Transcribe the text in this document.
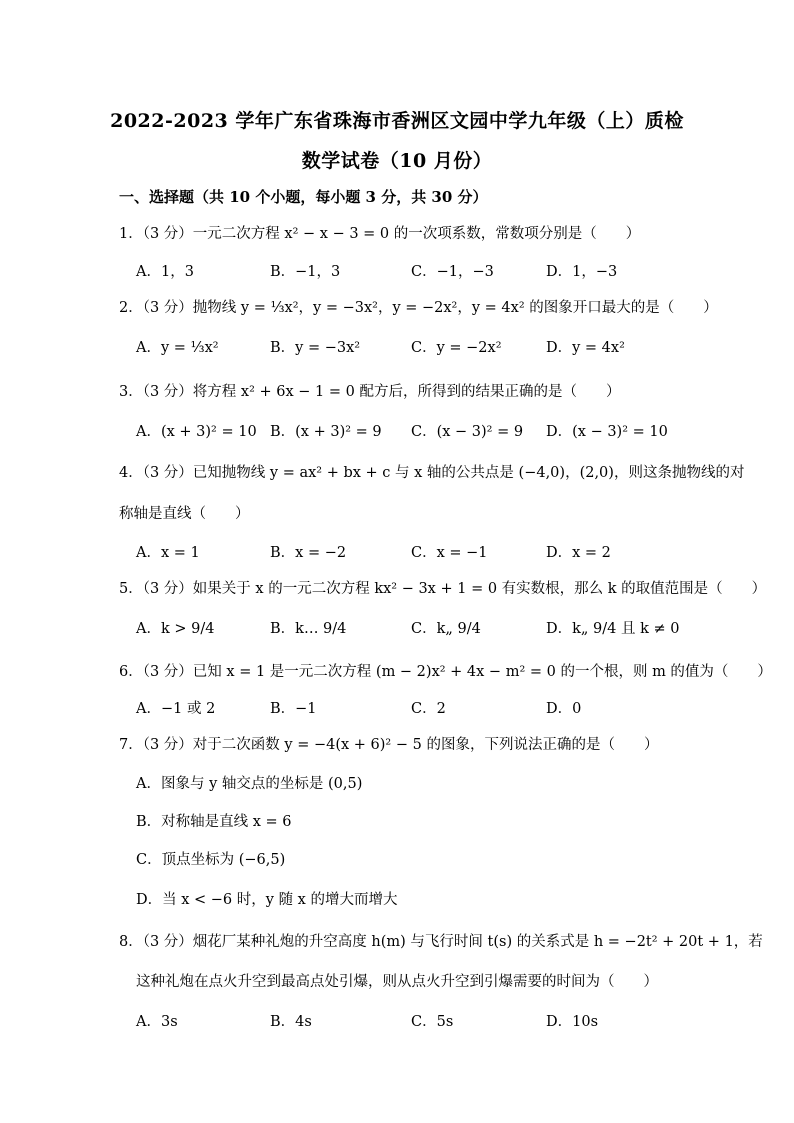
2022-2023 学年广东省珠海市香洲区文园中学九年级（上）质检
数学试卷（10 月份）
一、选择题（共 10 个小题，每小题 3 分，共 30 分）
1．（3 分）一元二次方程 x² − x − 3 = 0 的一次项系数，常数项分别是（　　）
A．1，3	B．−1，3	C．−1，−3	D．1，−3
2．（3 分）抛物线 y = ⅓x²，y = −3x²，y = −2x²，y = 4x² 的图象开口最大的是（　　）
A．y = ⅓x²	B．y = −3x²	C．y = −2x²	D．y = 4x²
3．（3 分）将方程 x² + 6x − 1 = 0 配方后，所得到的结果正确的是（　　）
A．(x + 3)² = 10 B．(x + 3)² = 9 C．(x − 3)² = 9 D．(x − 3)² = 10
4．（3 分）已知抛物线 y = ax² + bx + c 与 x 轴的公共点是 (−4,0)，(2,0)，则这条抛物线的对
称轴是直线（　　）
A．x = 1	B．x = −2	C．x = −1	D．x = 2
5．（3 分）如果关于 x 的一元二次方程 kx² − 3x + 1 = 0 有实数根，那么 k 的取值范围是（　　）
A．k > 9/4	B．k… 9/4	C．k„ 9/4	D．k„ 9/4 且 k ≠ 0
6．（3 分）已知 x = 1 是一元二次方程 (m − 2)x² + 4x − m² = 0 的一个根，则 m 的值为（　　）
A．−1 或 2	B．−1	C．2	D．0
7．（3 分）对于二次函数 y = −4(x + 6)² − 5 的图象，下列说法正确的是（　　）
A．图象与 y 轴交点的坐标是 (0,5)
B．对称轴是直线 x = 6
C．顶点坐标为 (−6,5)
D．当 x < −6 时，y 随 x 的增大而增大
8．（3 分）烟花厂某种礼炮的升空高度 h(m) 与飞行时间 t(s) 的关系式是 h = −2t² + 20t + 1，若
这种礼炮在点火升空到最高点处引爆，则从点火升空到引爆需要的时间为（　　）
A．3s	B．4s	C．5s	D．10s
